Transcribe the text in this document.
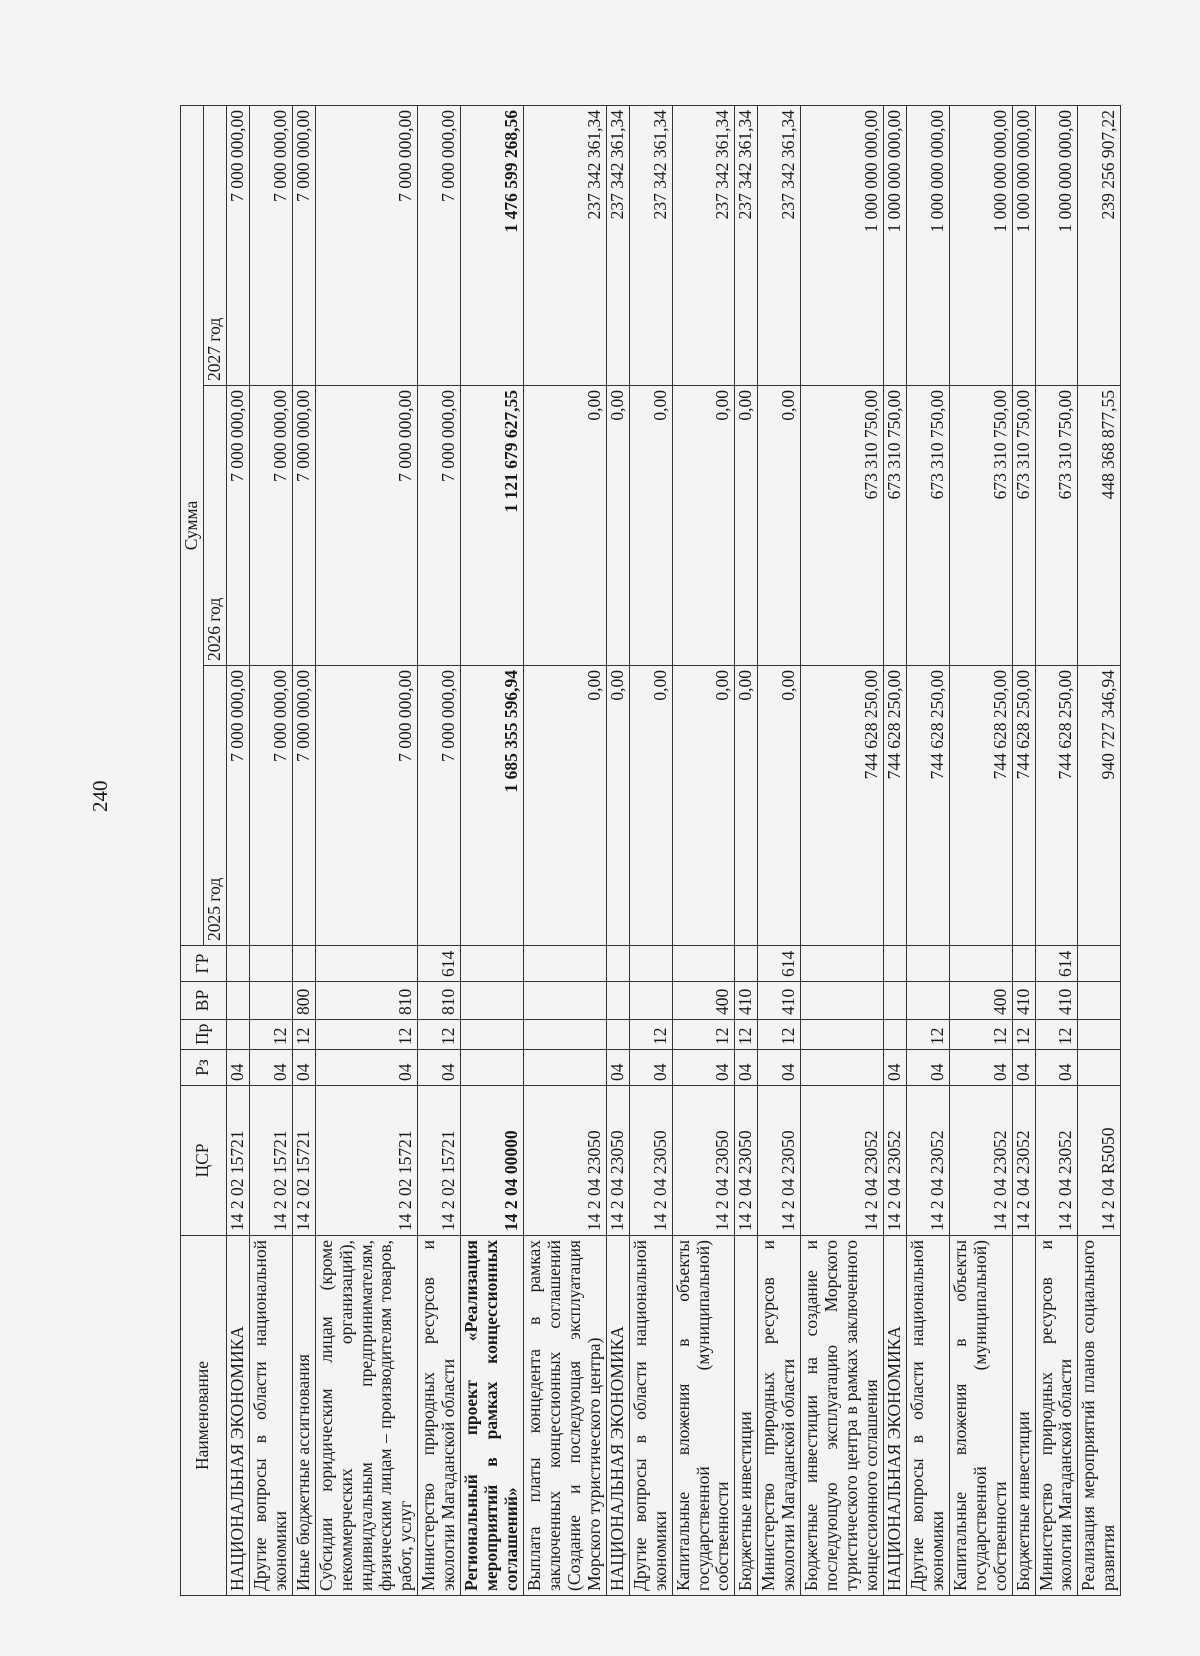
240
Наименование	ЦСР	Рз	Пр	ВР	ГР	Сумма		
						2025 год	2026 год	2027 год
НАЦИОНАЛЬНАЯ ЭКОНОМИКА	14 2 02 15721	04				7 000 000,00	7 000 000,00	7 000 000,00
Другие вопросы в области национальной экономики	14 2 02 15721	04	12			7 000 000,00	7 000 000,00	7 000 000,00
Иные бюджетные ассигнования	14 2 02 15721	04	12	800		7 000 000,00	7 000 000,00	7 000 000,00
Субсидии юридическим лицам (кроме некоммерческих организаций), индивидуальным предпринимателям, физическим лицам – производителям товаров, работ, услуг	14 2 02 15721	04	12	810		7 000 000,00	7 000 000,00	7 000 000,00
Министерство природных ресурсов и экологии Магаданской области	14 2 02 15721	04	12	810	614	7 000 000,00	7 000 000,00	7 000 000,00
Региональный проект «Реализация мероприятий в рамках концессионных соглашений»	14 2 04 00000					1 685 355 596,94	1 121 679 627,55	1 476 599 268,56
Выплата платы концедента в рамках заключенных концессионных соглашений (Создание и последующая эксплуатация Морского туристического центра)	14 2 04 23050					0,00	0,00	237 342 361,34
НАЦИОНАЛЬНАЯ ЭКОНОМИКА	14 2 04 23050	04				0,00	0,00	237 342 361,34
Другие вопросы в области национальной экономики	14 2 04 23050	04	12			0,00	0,00	237 342 361,34
Капитальные вложения в объекты государственной (муниципальной) собственности	14 2 04 23050	04	12	400		0,00	0,00	237 342 361,34
Бюджетные инвестиции	14 2 04 23050	04	12	410		0,00	0,00	237 342 361,34
Министерство природных ресурсов и экологии Магаданской области	14 2 04 23050	04	12	410	614	0,00	0,00	237 342 361,34
Бюджетные инвестиции на создание и последующую эксплуатацию Морского туристического центра в рамках заключенного концессионного соглашения	14 2 04 23052					744 628 250,00	673 310 750,00	1 000 000 000,00
НАЦИОНАЛЬНАЯ ЭКОНОМИКА	14 2 04 23052	04				744 628 250,00	673 310 750,00	1 000 000 000,00
Другие вопросы в области национальной экономики	14 2 04 23052	04	12			744 628 250,00	673 310 750,00	1 000 000 000,00
Капитальные вложения в объекты государственной (муниципальной) собственности	14 2 04 23052	04	12	400		744 628 250,00	673 310 750,00	1 000 000 000,00
Бюджетные инвестиции	14 2 04 23052	04	12	410		744 628 250,00	673 310 750,00	1 000 000 000,00
Министерство природных ресурсов и экологии Магаданской области	14 2 04 23052	04	12	410	614	744 628 250,00	673 310 750,00	1 000 000 000,00
Реализация мероприятий планов социального развития	14 2 04 R5050					940 727 346,94	448 368 877,55	239 256 907,22
